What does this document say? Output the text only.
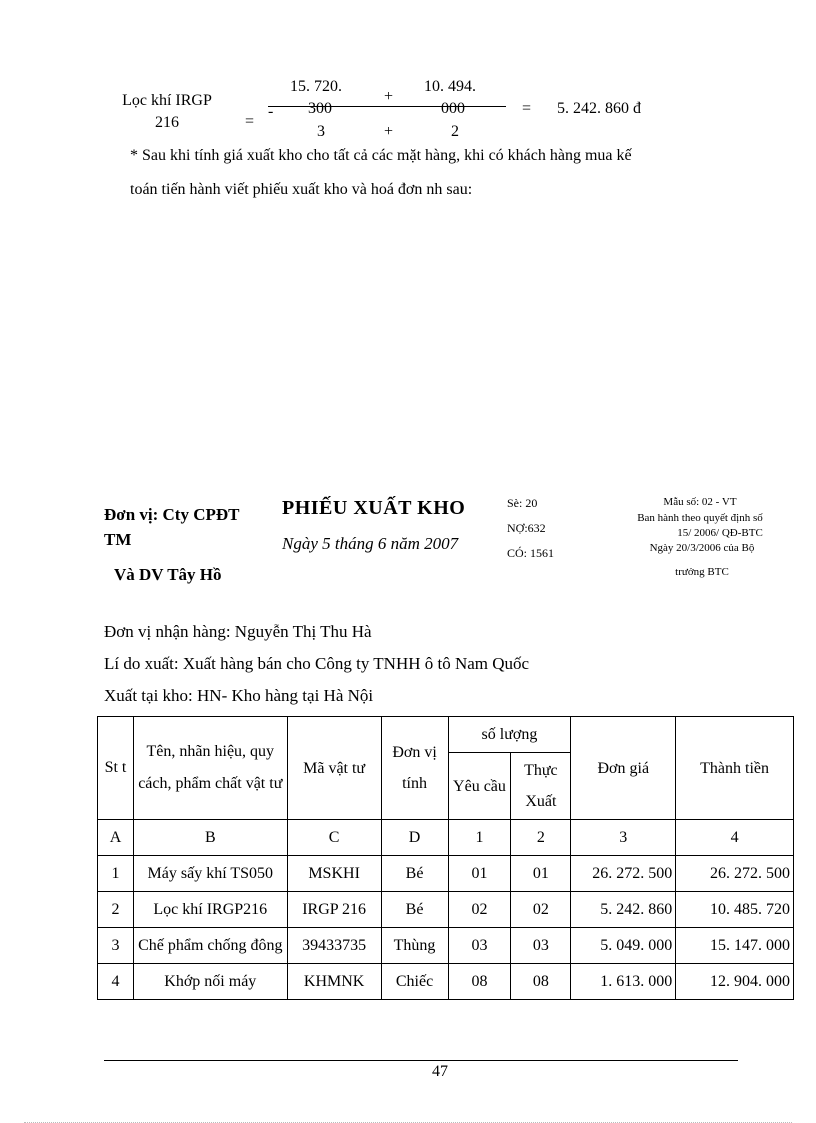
Lọc khí IRGP
216	=
-
15. 720.
300
+
10. 494.
000
3	+	2
= 5. 242. 860 đ
* Sau khi tính giá xuất kho cho tất cả các mặt hàng, khi có khách hàng mua kế
toán tiến hành viết phiếu xuất kho và hoá đơn nh sau:
Đơn vị: Cty CPĐT
TM
Và DV Tây Hồ
PHIẾU XUẤT KHO
Ngày 5 tháng 6 năm 2007
Sè: 20
NỢ:632
CÓ: 1561
Mẫu số: 02 - VT
Ban hành theo quyết định số
15/ 2006/ QĐ-BTC
Ngày 20/3/2006 của Bộ
trưởng BTC
Đơn vị nhận hàng: Nguyễn Thị Thu Hà
Lí do xuất: Xuất hàng bán cho Công ty TNHH ô tô Nam Quốc
Xuất tại kho: HN- Kho hàng tại Hà Nội
St t	Tên, nhãn hiệu, quy cách, phẩm chất vật tư	Mã vật tư	Đơn vị tính	số lượng		Đơn giá	Thành tiền
				Yêu cầu	Thực Xuất		
A	B	C	D	1	2	3	4
1	Máy sấy khí TS050	MSKHI	Bé	01	01	26. 272. 500	26. 272. 500
2	Lọc khí IRGP216	IRGP 216	Bé	02	02	5. 242. 860	10. 485. 720
3	Chế phẩm chống đông	39433735	Thùng	03	03	5. 049. 000	15. 147. 000
4	Khớp nối máy	KHMNK	Chiếc	08	08	1. 613. 000	12. 904. 000
47
